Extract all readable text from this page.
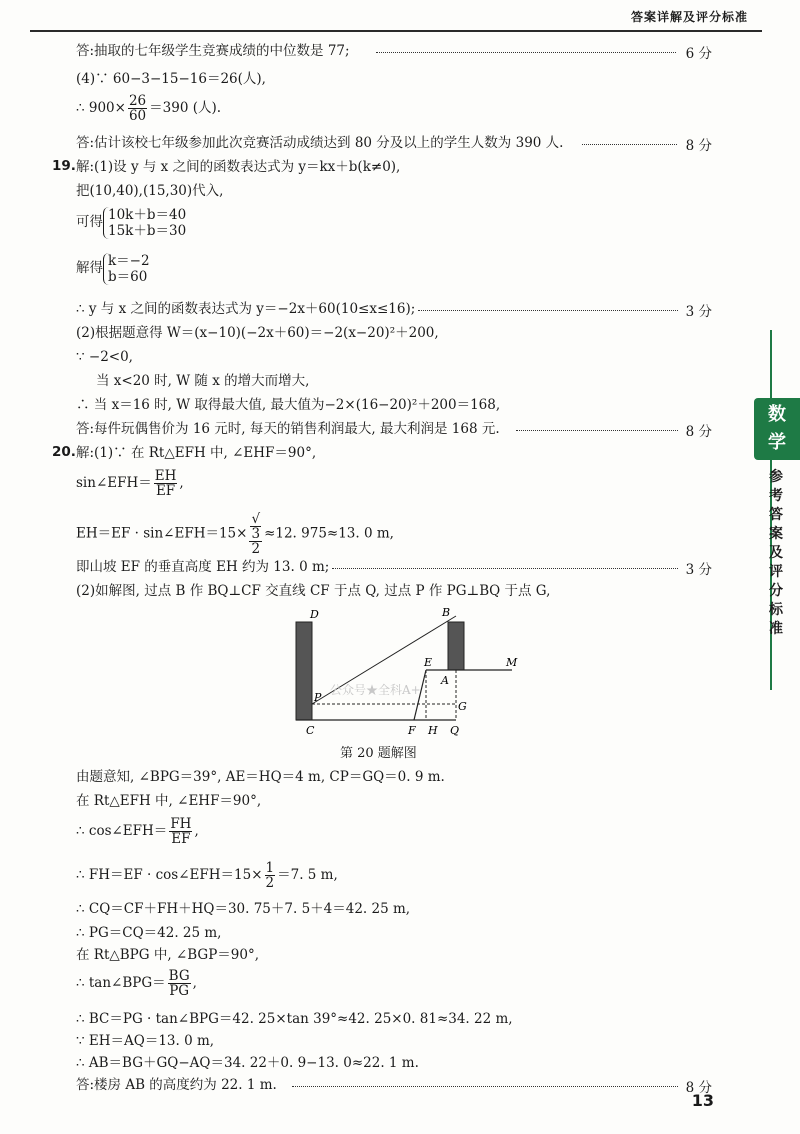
答案详解及评分标准
答:抽取的七年级学生竞赛成绩的中位数是 77;	6 分
(4)∵ 60−3−15−16＝26(人),
∴ $900\times \frac{26}{60} =390$ (人).
答:估计该校七年级参加此次竞赛活动成绩达到 80 分及以上的学生人数为 390 人.	8 分
19. 解:(1)设 y 与 x 之间的函数表达式为 y＝kx＋b(k≠0),
把(10,40),(15,30)代入,
可得 10k＋b＝40
15k＋b＝30
解得 k＝−2
b＝60
∴ y 与 x 之间的函数表达式为 y＝−2x＋60(10≤x≤16);	3 分
(2)根据题意得 W＝(x−10)(−2x＋60)＝−2(x−20)²＋200,
∵ −2<0,
当 x<20 时, W 随 x 的增大而增大,
∴ 当 x＝16 时, W 取得最大值, 最大值为−2×(16−20)²＋200＝168,
答:每件玩偶售价为 16 元时, 每天的销售利润最大, 最大利润是 168 元.	8 分
20. 解:(1)∵ 在 Rt△EFH 中, ∠EHF＝90°,
sin∠EFH＝ $\frac{EH}{EF}$ ,
EH＝EF · sin∠EFH＝15× √
3
2 ≈12. 975≈13. 0 m,
即山坡 EF 的垂直高度 EH 约为 13. 0 m;	3 分
(2)如解图, 过点 B 作 BQ⊥CF 交直线 CF 于点 Q, 过点 P 作 PG⊥BQ 于点 G,
D	B
E	M
A
P
G
C	F H Q
公众号★全科A+
第 20 题解图
由题意知, ∠BPG＝39°, AE＝HQ＝4 m, CP＝GQ＝0. 9 m.
在 Rt△EFH 中, ∠EHF＝90°,
∴ cos∠EFH＝ $\frac{FH}{EF}$ ,
∴ FH＝EF · cos∠EFH＝15× $\frac{1}{2} =7$. 5 m,
∴ CQ＝CF＋FH＋HQ＝30. 75＋7. 5＋4＝42. 25 m,
∴ PG＝CQ＝42. 25 m,
在 Rt△BPG 中, ∠BGP＝90°,
∴ tan∠BPG＝ $\frac{BG}{PG}$ ,
∴ BC＝PG · tan∠BPG＝42. 25×tan 39°≈42. 25×0. 81≈34. 22 m,
∵ EH＝AQ＝13. 0 m,
∴ AB＝BG＋GQ−AQ＝34. 22＋0. 9−13. 0≈22. 1 m.
答:楼房 AB 的高度约为 22. 1 m.	8 分
数学
参
考
答
案
及
评
分
标
准
13
